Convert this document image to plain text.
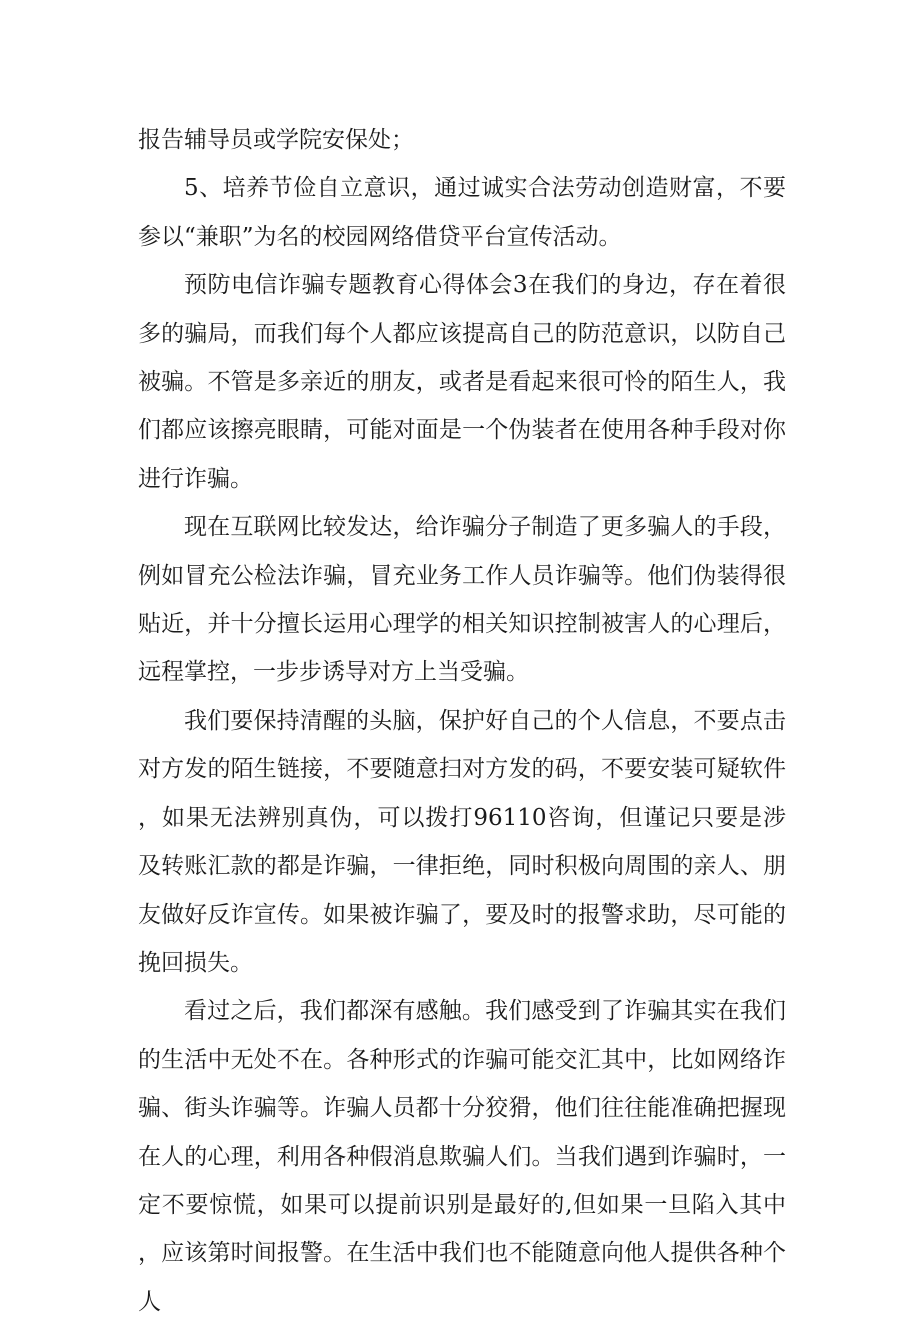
报告辅导员或学院安保处；

5、培养节俭自立意识，通过诚实合法劳动创造财富，不要参以“兼职”为名的校园网络借贷平台宣传活动。

预防电信诈骗专题教育心得体会3在我们的身边，存在着很多的骗局，而我们每个人都应该提高自己的防范意识，以防自己被骗。不管是多亲近的朋友，或者是看起来很可怜的陌生人，我们都应该擦亮眼睛，可能对面是一个伪装者在使用各种手段对你进行诈骗。

现在互联网比较发达，给诈骗分子制造了更多骗人的手段，例如冒充公检法诈骗，冒充业务工作人员诈骗等。他们伪装得很贴近，并十分擅长运用心理学的相关知识控制被害人的心理后，远程掌控，一步步诱导对方上当受骗。

我们要保持清醒的头脑，保护好自己的个人信息，不要点击对方发的陌生链接，不要随意扫对方发的码，不要安装可疑软件，如果无法辨别真伪，可以拨打96110咨询，但谨记只要是涉及转账汇款的都是诈骗，一律拒绝，同时积极向周围的亲人、朋友做好反诈宣传。如果被诈骗了，要及时的报警求助，尽可能的挽回损失。

看过之后，我们都深有感触。我们感受到了诈骗其实在我们的生活中无处不在。各种形式的诈骗可能交汇其中，比如网络诈骗、街头诈骗等。诈骗人员都十分狡猾，他们往往能准确把握现在人的心理，利用各种假消息欺骗人们。当我们遇到诈骗时，一定不要惊慌，如果可以提前识别是最好的,但如果一旦陷入其中，应该第时间报警。在生活中我们也不能随意向他人提供各种个人
